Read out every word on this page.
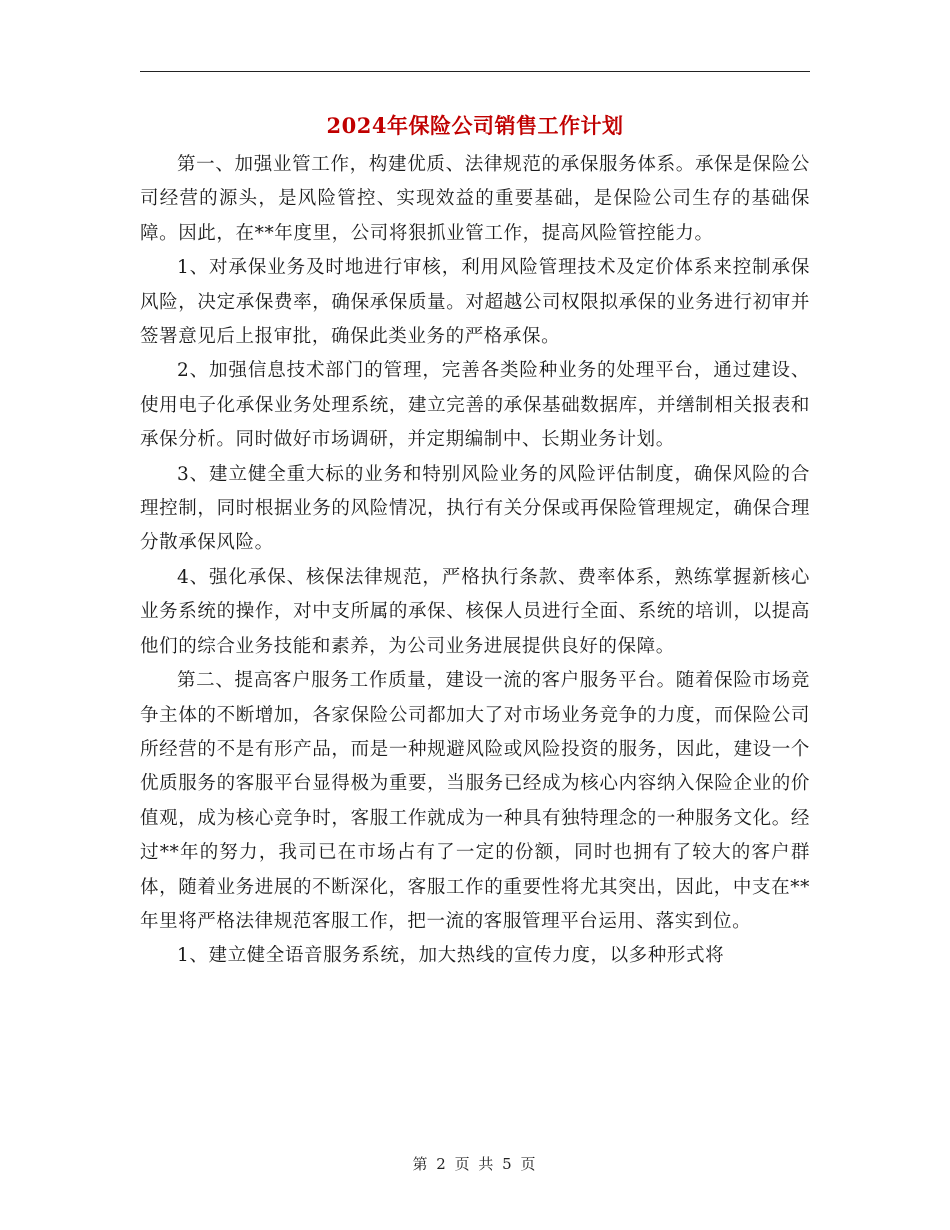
2024年保险公司销售工作计划

第一、加强业管工作，构建优质、法律规范的承保服务体系。承保是保险公司经营的源头，是风险管控、实现效益的重要基础，是保险公司生存的基础保障。因此，在**年度里，公司将狠抓业管工作，提高风险管控能力。

1、对承保业务及时地进行审核，利用风险管理技术及定价体系来控制承保风险，决定承保费率，确保承保质量。对超越公司权限拟承保的业务进行初审并签署意见后上报审批，确保此类业务的严格承保。

2、加强信息技术部门的管理，完善各类险种业务的处理平台，通过建设、使用电子化承保业务处理系统，建立完善的承保基础数据库，并缮制相关报表和承保分析。同时做好市场调研，并定期编制中、长期业务计划。

3、建立健全重大标的业务和特别风险业务的风险评估制度，确保风险的合理控制，同时根据业务的风险情况，执行有关分保或再保险管理规定，确保合理分散承保风险。

4、强化承保、核保法律规范，严格执行条款、费率体系，熟练掌握新核心业务系统的操作，对中支所属的承保、核保人员进行全面、系统的培训，以提高他们的综合业务技能和素养，为公司业务进展提供良好的保障。

第二、提高客户服务工作质量，建设一流的客户服务平台。随着保险市场竞争主体的不断增加，各家保险公司都加大了对市场业务竞争的力度，而保险公司所经营的不是有形产品，而是一种规避风险或风险投资的服务，因此，建设一个优质服务的客服平台显得极为重要，当服务已经成为核心内容纳入保险企业的价值观，成为核心竞争时，客服工作就成为一种具有独特理念的一种服务文化。经过**年的努力，我司已在市场占有了一定的份额，同时也拥有了较大的客户群体，随着业务进展的不断深化，客服工作的重要性将尤其突出，因此，中支在**年里将严格法律规范客服工作，把一流的客服管理平台运用、落实到位。

1、建立健全语音服务系统，加大热线的宣传力度，以多种形式将

第 2 页 共 5 页
